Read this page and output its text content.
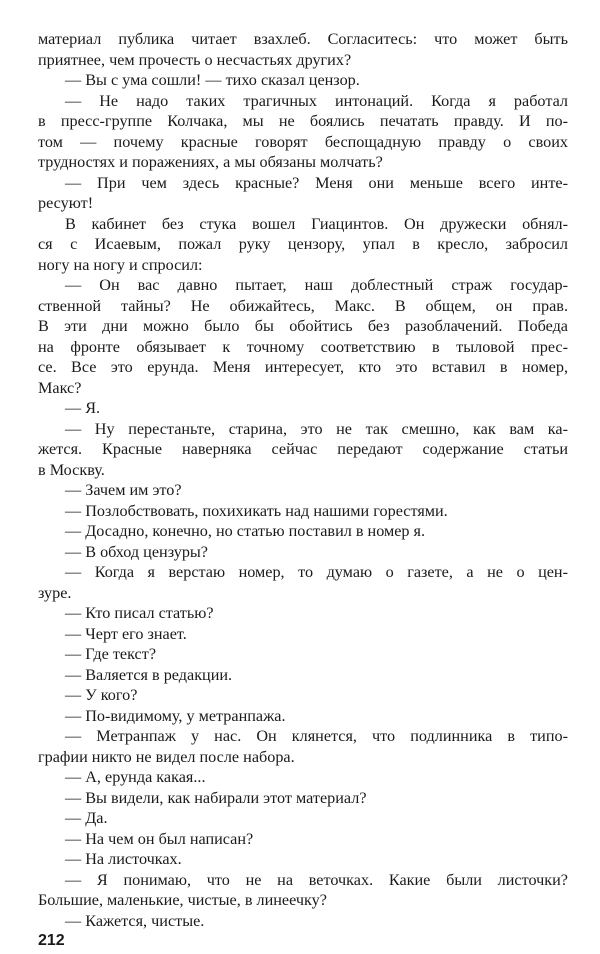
материал публика читает взахлеб. Согласитесь: что может быть
приятнее, чем прочесть о несчастьях других?
— Вы с ума сошли! — тихо сказал цензор.
— Не надо таких трагичных интонаций. Когда я работал
в пресс-группе Колчака, мы не боялись печатать правду. И по-
том — почему красные говорят беспощадную правду о своих
трудностях и поражениях, а мы обязаны молчать?
— При чем здесь красные? Меня они меньше всего инте-
ресуют!
В кабинет без стука вошел Гиацинтов. Он дружески обнял-
ся с Исаевым, пожал руку цензору, упал в кресло, забросил
ногу на ногу и спросил:
— Он вас давно пытает, наш доблестный страж государ-
ственной тайны? Не обижайтесь, Макс. В общем, он прав.
В эти дни можно было бы обойтись без разоблачений. Победа
на фронте обязывает к точному соответствию в тыловой прес-
се. Все это ерунда. Меня интересует, кто это вставил в номер,
Макс?
— Я.
— Ну перестаньте, старина, это не так смешно, как вам ка-
жется. Красные наверняка сейчас передают содержание статьи
в Москву.
— Зачем им это?
— Позлобствовать, похихикать над нашими горестями.
— Досадно, конечно, но статью поставил в номер я.
— В обход цензуры?
— Когда я верстаю номер, то думаю о газете, а не о цен-
зуре.
— Кто писал статью?
— Черт его знает.
— Где текст?
— Валяется в редакции.
— У кого?
— По-видимому, у метранпажа.
— Метранпаж у нас. Он клянется, что подлинника в типо-
графии никто не видел после набора.
— А, ерунда какая...
— Вы видели, как набирали этот материал?
— Да.
— На чем он был написан?
— На листочках.
— Я понимаю, что не на веточках. Какие были листочки?
Большие, маленькие, чистые, в линеечку?
— Кажется, чистые.
212
